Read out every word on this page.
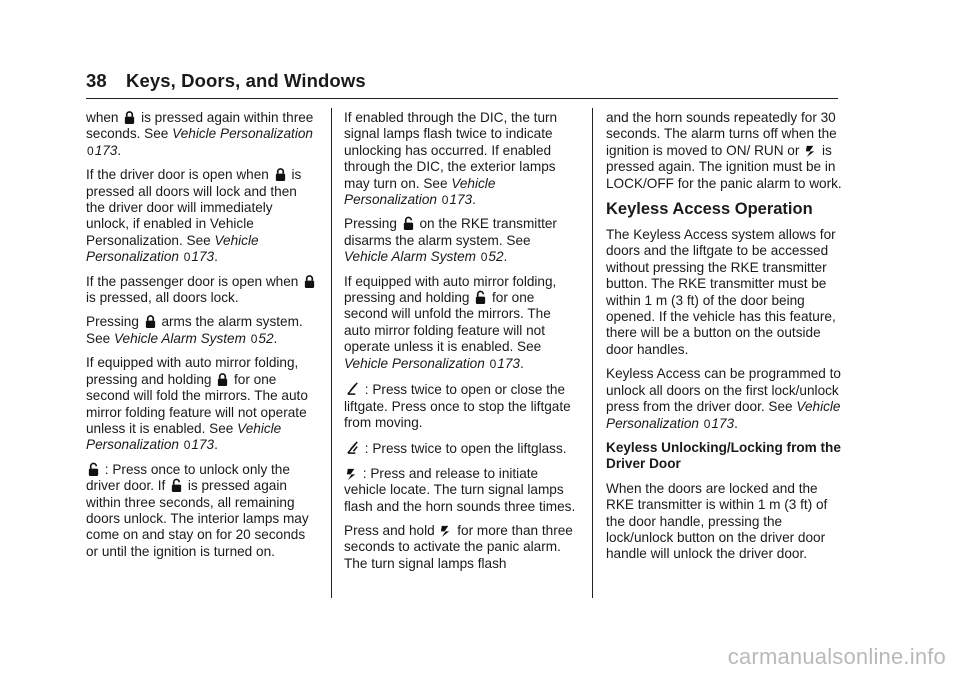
38 Keys, Doors, and Windows

when is pressed again within three seconds. See Vehicle Personalization 0173.

If the driver door is open when is pressed all doors will lock and then the driver door will immediately unlock, if enabled in Vehicle Personalization. See Vehicle Personalization 0173.

If the passenger door is open when  is pressed, all doors lock.

Pressing arms the alarm system. See Vehicle Alarm System 052.

If equipped with auto mirror folding, pressing and holding for one second will fold the mirrors. The auto mirror folding feature will not operate unless it is enabled. See Vehicle Personalization 0173.

: Press once to unlock only the driver door. If is pressed again within three seconds, all remaining doors unlock. The interior lamps may come on and stay on for 20 seconds or until the ignition is turned on.

If enabled through the DIC, the turn signal lamps flash twice to indicate unlocking has occurred. If enabled through the DIC, the exterior lamps may turn on. See Vehicle Personalization 0173.

Pressing on the RKE transmitter disarms the alarm system. See Vehicle Alarm System 052.

If equipped with auto mirror folding, pressing and holding for one second will unfold the mirrors. The auto mirror folding feature will not operate unless it is enabled. See Vehicle Personalization 0173.

: Press twice to open or close the liftgate. Press once to stop the liftgate from moving.

: Press twice to open the liftglass.

: Press and release to initiate vehicle locate. The turn signal lamps flash and the horn sounds three times.

Press and hold for more than three seconds to activate the panic alarm. The turn signal lamps flash

and the horn sounds repeatedly for 30 seconds. The alarm turns off when the ignition is moved to ON/ RUN or is pressed again. The ignition must be in LOCK/OFF for the panic alarm to work.

Keyless Access Operation

The Keyless Access system allows for doors and the liftgate to be accessed without pressing the RKE transmitter button. The RKE transmitter must be within 1 m (3 ft) of the door being opened. If the vehicle has this feature, there will be a button on the outside door handles.

Keyless Access can be programmed to unlock all doors on the first lock/unlock press from the driver door. See Vehicle Personalization 0173.

Keyless Unlocking/Locking from the Driver Door

When the doors are locked and the RKE transmitter is within 1 m (3 ft) of the door handle, pressing the lock/unlock button on the driver door handle will unlock the driver door.

carmanualsonline.info
